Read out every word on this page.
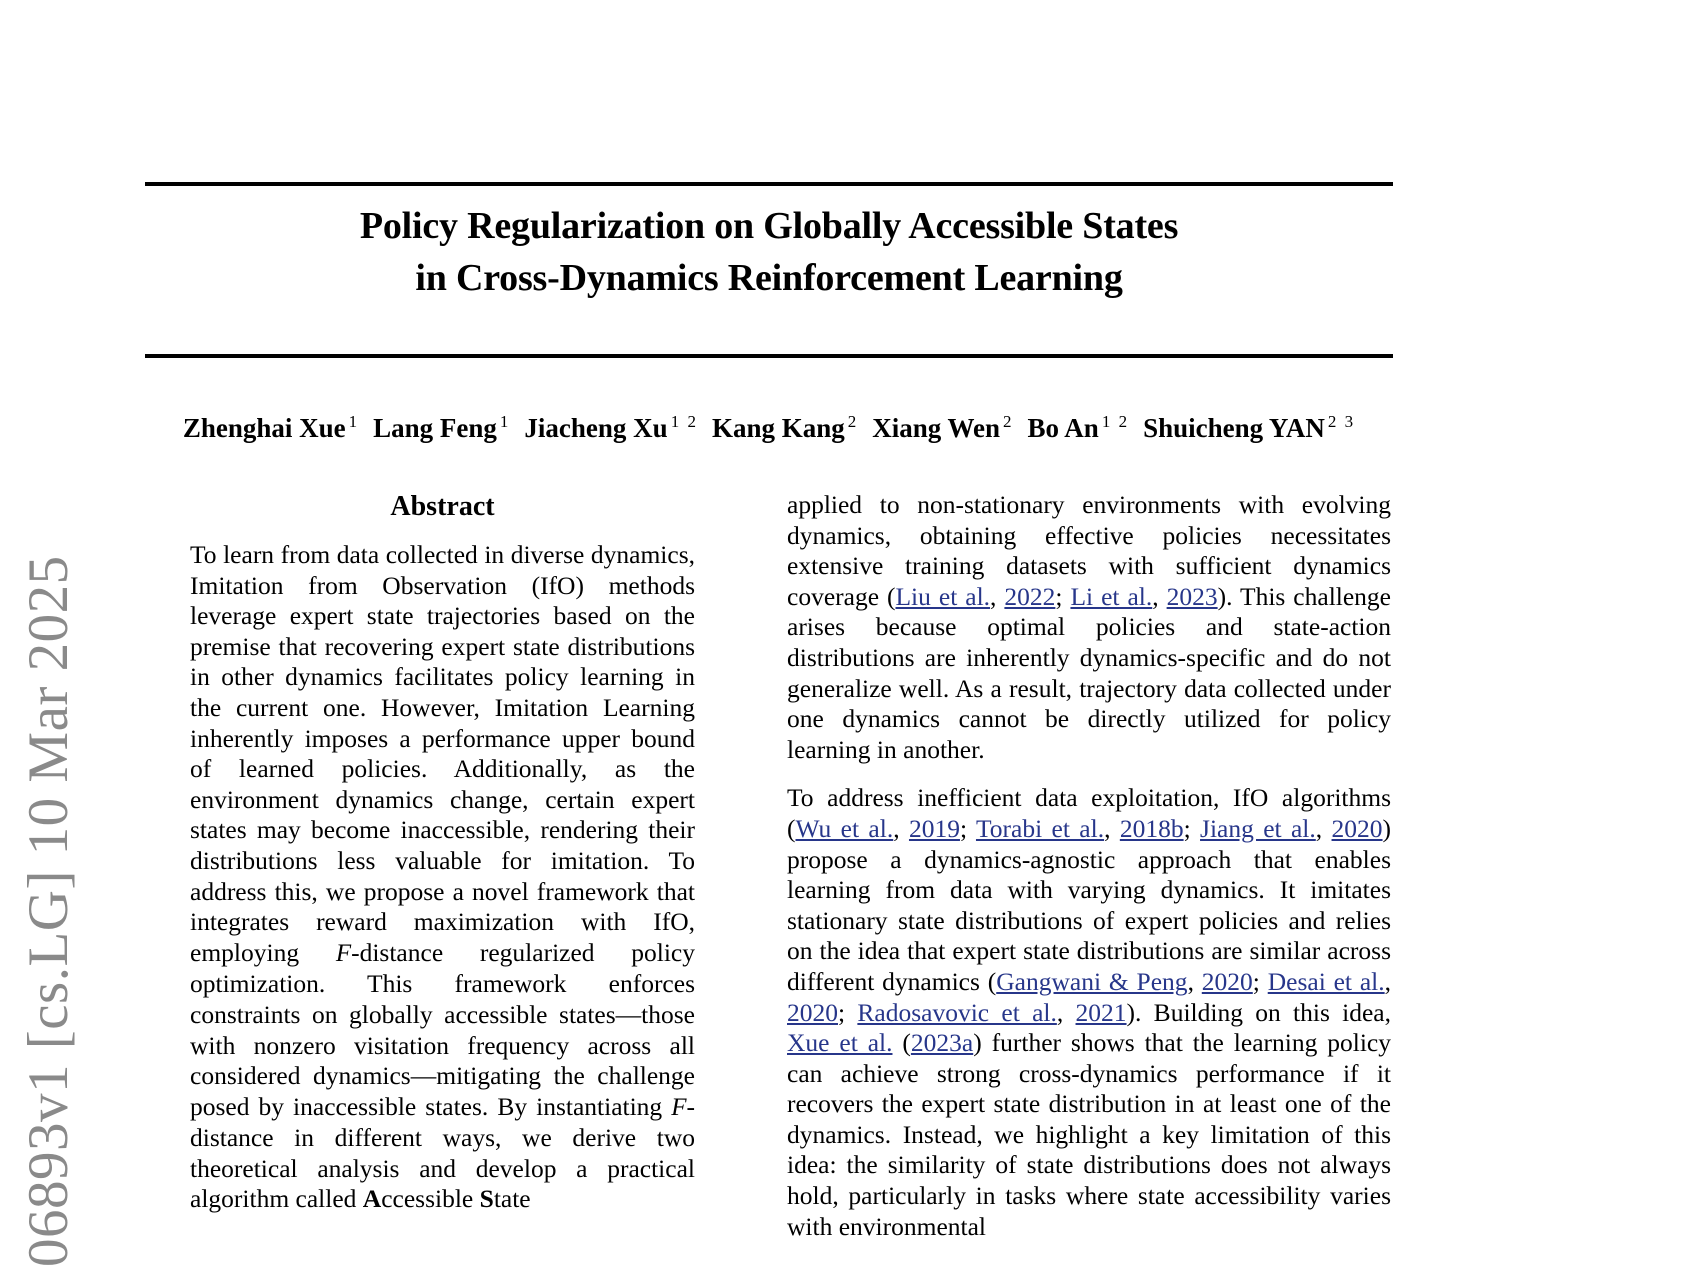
06893v1 [cs.LG] 10 Mar 2025
Policy Regularization on Globally Accessible States
in Cross-Dynamics Reinforcement Learning
Zhenghai Xue $^1$ Lang Feng $^1$ Jiacheng Xu $^{1 2}$ Kang Kang $^2$ Xiang Wen $^2$ Bo An $^{1 2}$ Shuicheng YAN $^{2 3}$
Abstract

To learn from data collected in diverse dynamics, Imitation from Observation (IfO) methods leverage expert state trajectories based on the premise that recovering expert state distributions in other dynamics facilitates policy learning in the current one. However, Imitation Learning inherently imposes a performance upper bound of learned policies. Additionally, as the environment dynamics change, certain expert states may become inaccessible, rendering their distributions less valuable for imitation. To address this, we propose a novel framework that integrates reward maximization with IfO, employing F-distance regularized policy optimization. This framework enforces constraints on globally accessible states—those with nonzero visitation frequency across all considered dynamics—mitigating the challenge posed by inaccessible states. By instantiating F-distance in different ways, we derive two theoretical analysis and develop a practical algorithm called Accessible State

applied to non-stationary environments with evolving dynamics, obtaining effective policies necessitates extensive training datasets with sufficient dynamics coverage (Liu et al., 2022; Li et al., 2023). This challenge arises because optimal policies and state-action distributions are inherently dynamics-specific and do not generalize well. As a result, trajectory data collected under one dynamics cannot be directly utilized for policy learning in another.

To address inefficient data exploitation, IfO algorithms (Wu et al., 2019; Torabi et al., 2018b; Jiang et al., 2020) propose a dynamics-agnostic approach that enables learning from data with varying dynamics. It imitates stationary state distributions of expert policies and relies on the idea that expert state distributions are similar across different dynamics (Gangwani & Peng, 2020; Desai et al., 2020; Radosavovic et al., 2021). Building on this idea, Xue et al. (2023a) further shows that the learning policy can achieve strong cross-dynamics performance if it recovers the expert state distribution in at least one of the dynamics. Instead, we highlight a key limitation of this idea: the similarity of state distributions does not always hold, particularly in tasks where state accessibility varies with environmental
